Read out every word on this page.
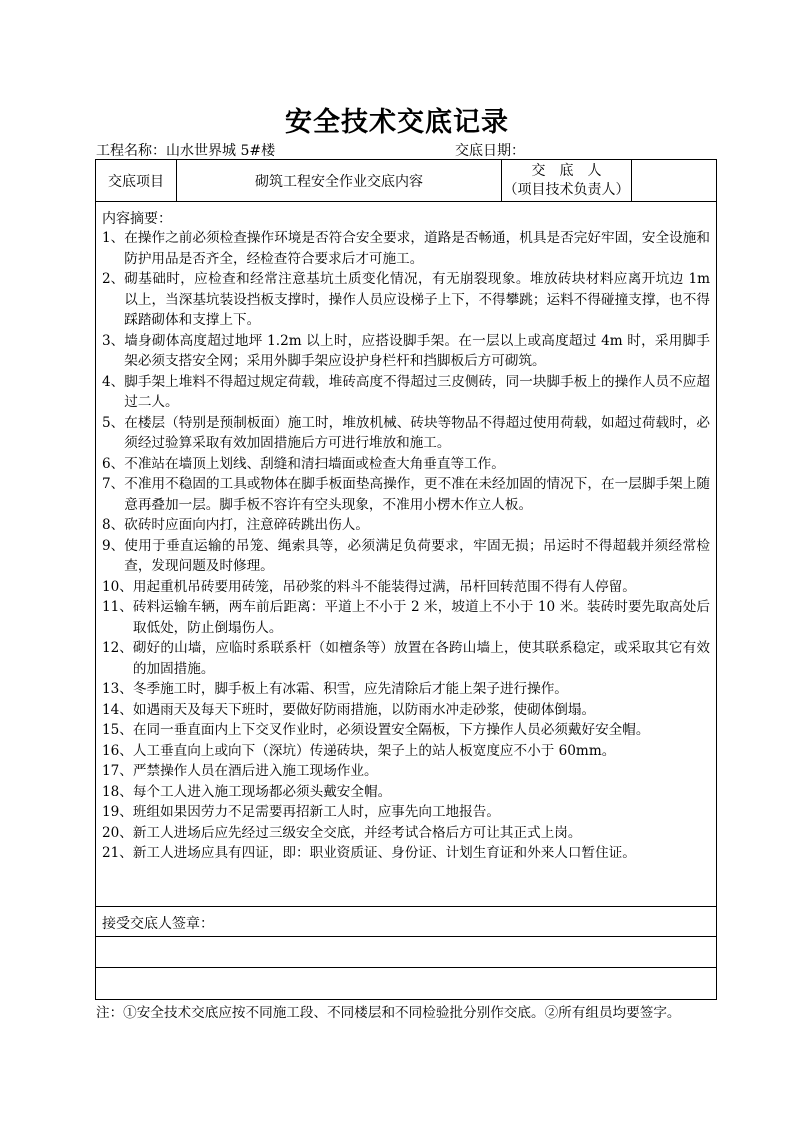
安全技术交底记录
工程名称：山水世界城 5#楼	交底日期：
交底项目	砌筑工程安全作业交底内容
交　底　人
（项目技术负责人）
内容摘要：
1、 在操作之前必须检查操作环境是否符合安全要求，道路是否畅通，机具是否完好牢固，安全设施和防护用品是否齐全，经检查符合要求后才可施工。
2、 砌基础时，应检查和经常注意基坑土质变化情况，有无崩裂现象。堆放砖块材料应离开坑边 1m 以上，当深基坑装设挡板支撑时，操作人员应设梯子上下，不得攀跳；运料不得碰撞支撑，也不得踩踏砌体和支撑上下。
3、 墙身砌体高度超过地坪 1.2m 以上时，应搭设脚手架。在一层以上或高度超过 4m 时，采用脚手架必须支搭安全网；采用外脚手架应设护身栏杆和挡脚板后方可砌筑。
4、 脚手架上堆料不得超过规定荷载，堆砖高度不得超过三皮侧砖，同一块脚手板上的操作人员不应超过二人。
5、 在楼层（特别是预制板面）施工时，堆放机械、砖块等物品不得超过使用荷载，如超过荷载时，必须经过验算采取有效加固措施后方可进行堆放和施工。
6、 不准站在墙顶上划线、刮缝和清扫墙面或检查大角垂直等工作。
7、 不准用不稳固的工具或物体在脚手板面垫高操作，更不准在未经加固的情况下，在一层脚手架上随意再叠加一层。脚手板不容许有空头现象，不准用小楞木作立人板。
8、 砍砖时应面向内打，注意碎砖跳出伤人。
9、 使用于垂直运输的吊笼、绳索具等，必须满足负荷要求，牢固无损；吊运时不得超载并须经常检查，发现问题及时修理。
10、 用起重机吊砖要用砖笼，吊砂浆的料斗不能装得过满，吊杆回转范围不得有人停留。
11、 砖料运输车辆，两车前后距离：平道上不小于 2 米，坡道上不小于 10 米。装砖时要先取高处后取低处，防止倒塌伤人。
12、 砌好的山墙，应临时系联系杆（如檀条等）放置在各跨山墙上，使其联系稳定，或采取其它有效的加固措施。
13、 冬季施工时，脚手板上有冰霜、积雪，应先清除后才能上架子进行操作。
14、 如遇雨天及每天下班时，要做好防雨措施，以防雨水冲走砂浆，使砌体倒塌。
15、 在同一垂直面内上下交叉作业时，必须设置安全隔板，下方操作人员必须戴好安全帽。
16、 人工垂直向上或向下（深坑）传递砖块，架子上的站人板宽度应不小于 60mm。
17、 严禁操作人员在酒后进入施工现场作业。
18、 每个工人进入施工现场都必须头戴安全帽。
19、 班组如果因劳力不足需要再招新工人时，应事先向工地报告。
20、 新工人进场后应先经过三级安全交底，并经考试合格后方可让其正式上岗。
21、 新工人进场应具有四证，即：职业资质证、身份证、计划生育证和外来人口暂住证。
接受交底人签章：
注：①安全技术交底应按不同施工段、不同楼层和不同检验批分别作交底。②所有组员均要签字。
